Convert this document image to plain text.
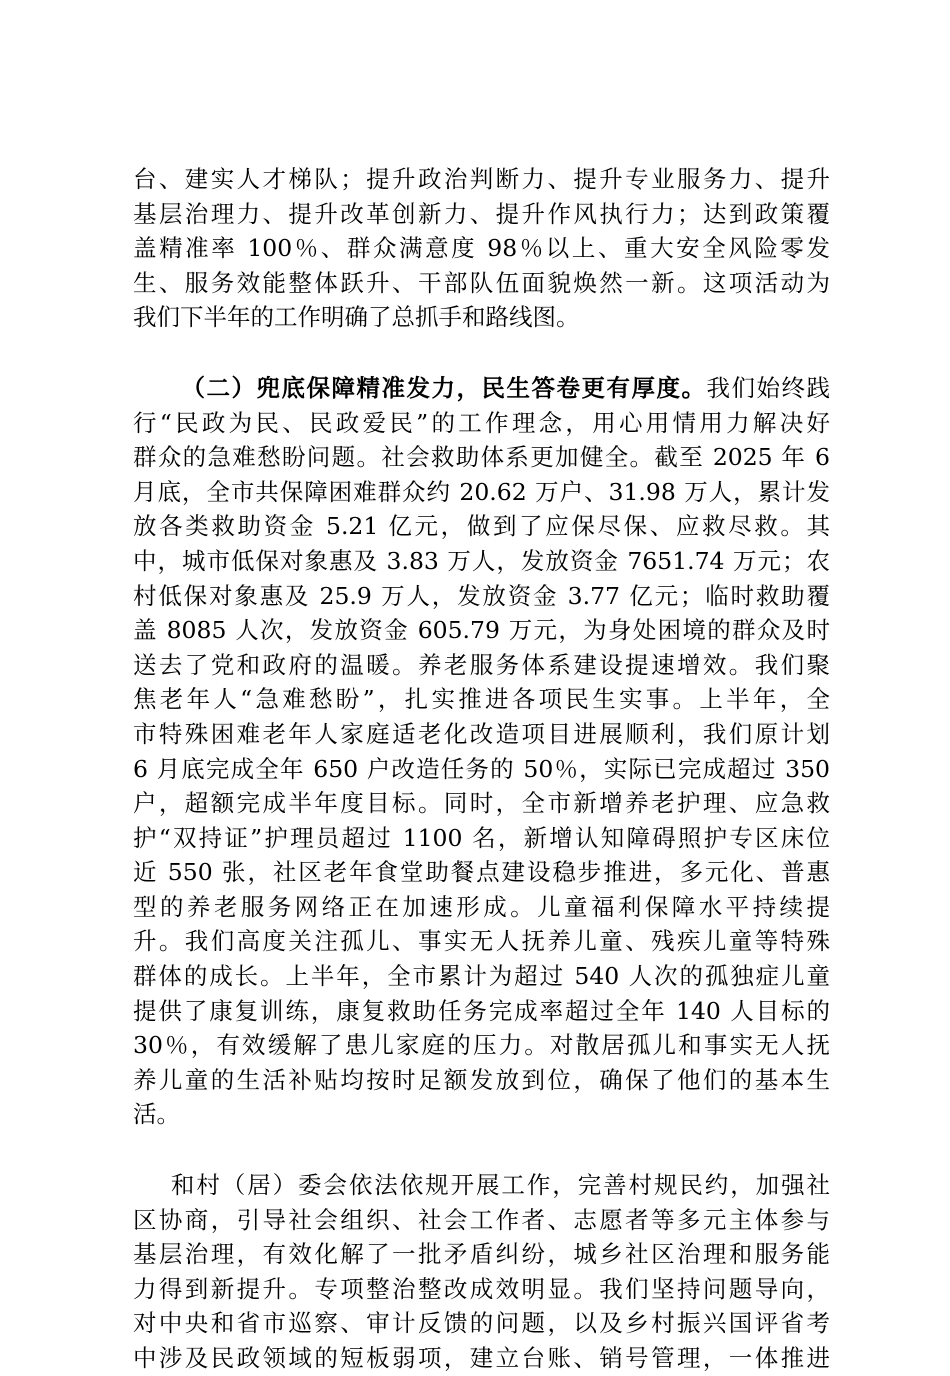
台、建实人才梯队；提升政治判断力、提升专业服务力、提升
基层治理力、提升改革创新力、提升作风执行力；达到政策覆
盖精准率 100％、群众满意度 98％以上、重大安全风险零发
生、服务效能整体跃升、干部队伍面貌焕然一新。这项活动为
我们下半年的工作明确了总抓手和路线图。
（二）兜底保障精准发力，民生答卷更有厚度。我们始终践
行“民政为民、民政爱民”的工作理念，用心用情用力解决好
群众的急难愁盼问题。社会救助体系更加健全。截至 2025 年 6
月底，全市共保障困难群众约 20.62 万户、31.98 万人，累计发
放各类救助资金 5.21 亿元，做到了应保尽保、应救尽救。其
中，城市低保对象惠及 3.83 万人，发放资金 7651.74 万元；农
村低保对象惠及 25.9 万人，发放资金 3.77 亿元；临时救助覆
盖 8085 人次，发放资金 605.79 万元，为身处困境的群众及时
送去了党和政府的温暖。养老服务体系建设提速增效。我们聚
焦老年人“急难愁盼”，扎实推进各项民生实事。上半年，全
市特殊困难老年人家庭适老化改造项目进展顺利，我们原计划
6 月底完成全年 650 户改造任务的 50％，实际已完成超过 350
户，超额完成半年度目标。同时，全市新增养老护理、应急救
护“双持证”护理员超过 1100 名，新增认知障碍照护专区床位
近 550 张，社区老年食堂助餐点建设稳步推进，多元化、普惠
型的养老服务网络正在加速形成。儿童福利保障水平持续提
升。我们高度关注孤儿、事实无人抚养儿童、残疾儿童等特殊
群体的成长。上半年，全市累计为超过 540 人次的孤独症儿童
提供了康复训练，康复救助任务完成率超过全年 140 人目标的
30％，有效缓解了患儿家庭的压力。对散居孤儿和事实无人抚
养儿童的生活补贴均按时足额发放到位，确保了他们的基本生
活。
和村（居）委会依法依规开展工作，完善村规民约，加强社
区协商，引导社会组织、社会工作者、志愿者等多元主体参与
基层治理，有效化解了一批矛盾纠纷，城乡社区治理和服务能
力得到新提升。专项整治整改成效明显。我们坚持问题导向，
对中央和省市巡察、审计反馈的问题，以及乡村振兴国评省考
中涉及民政领域的短板弱项，建立台账、销号管理，一体推进
